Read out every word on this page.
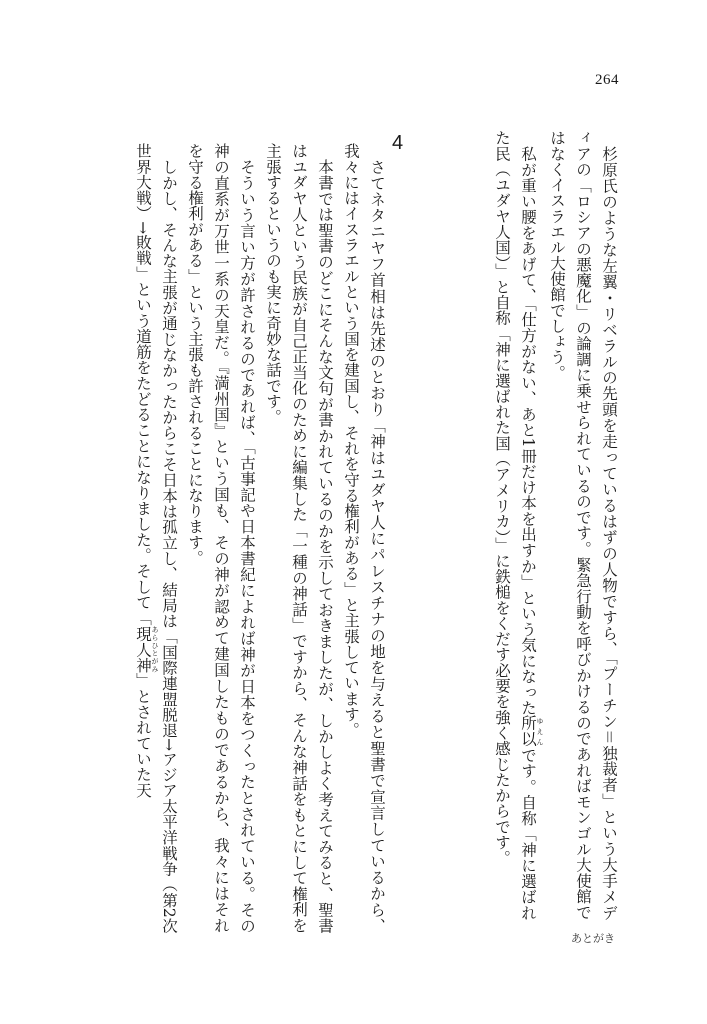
264

杉原氏のような左翼・リベラルの先頭を走っているはずの人物ですら、「プーチン＝独裁者」という大手メディアの「ロシアの悪魔化」の論調に乗せられているのです。緊急行動を呼びかけるのであればモンゴル大使館ではなくイスラエル大使館でしょう。

私が重い腰をあげて、「仕方がない、あと1冊だけ本を出すか」という気になった所以 ゆえんです。自称「神に選ばれた民（ユダヤ人国）」と自称「神に選ばれた国（アメリカ）」に鉄槌をくだす必要を強く感じたからです。

4

さてネタニヤフ首相は先述のとおり「神はユダヤ人にパレスチナの地を与えると聖書で宣言しているから、我々にはイスラエルという国を建国し、それを守る権利がある」と主張しています。

本書では聖書のどこにそんな文句が書かれているのかを示しておきましたが、しかしよく考えてみると、聖書はユダヤ人という民族が自己正当化のために編集した「一種の神話」ですから、そんな神話をもとにして権利を主張するというのも実に奇妙な話です。

そういう言い方が許されるのであれば、「古事記や日本書紀によれば神が日本をつくったとされている。その神の直系が万世一系の天皇だ。『満州国』という国も、その神が認めて建国したものであるから、我々にはそれを守る権利がある」という主張も許されることになります。

しかし、そんな主張が通じなかったからこそ日本は孤立し、結局は「国際連盟脱退→アジア太平洋戦争（第2次世界大戦）→敗戦」という道筋をたどることになりました。そして「現人神 あらひとがみ」とされていた天

あとがき
